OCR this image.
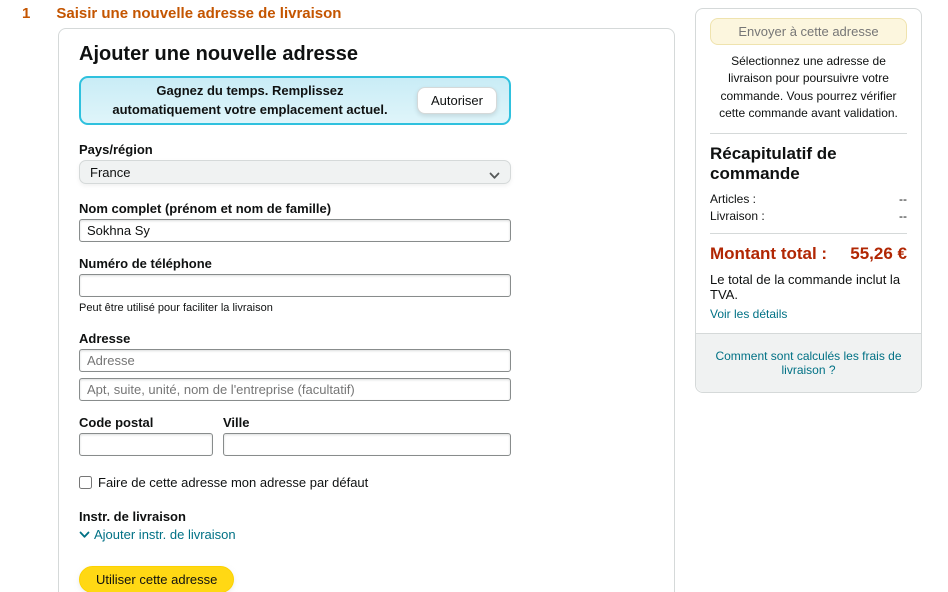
1 Saisir une nouvelle adresse de livraison
Ajouter une nouvelle adresse
Gagnez du temps. Remplissez automatiquement votre emplacement actuel.
Autoriser
Pays/région
France
Nom complet (prénom et nom de famille)
Sokhna Sy
Numéro de téléphone
Peut être utilisé pour faciliter la livraison
Adresse
Adresse Apt, suite, unité, nom de l'entreprise (facultatif)
Code postal	Ville
Faire de cette adresse mon adresse par défaut
Instr. de livraison
Ajouter instr. de livraison
Utiliser cette adresse
Envoyer à cette adresse
Sélectionnez une adresse de livraison pour poursuivre votre commande. Vous pourrez vérifier cette commande avant validation.
Récapitulatif de commande
Articles :	--
Livraison :	--
Montant total : 55,26 €
Le total de la commande inclut la TVA.
Voir les détails
Comment sont calculés les frais de livraison ?
